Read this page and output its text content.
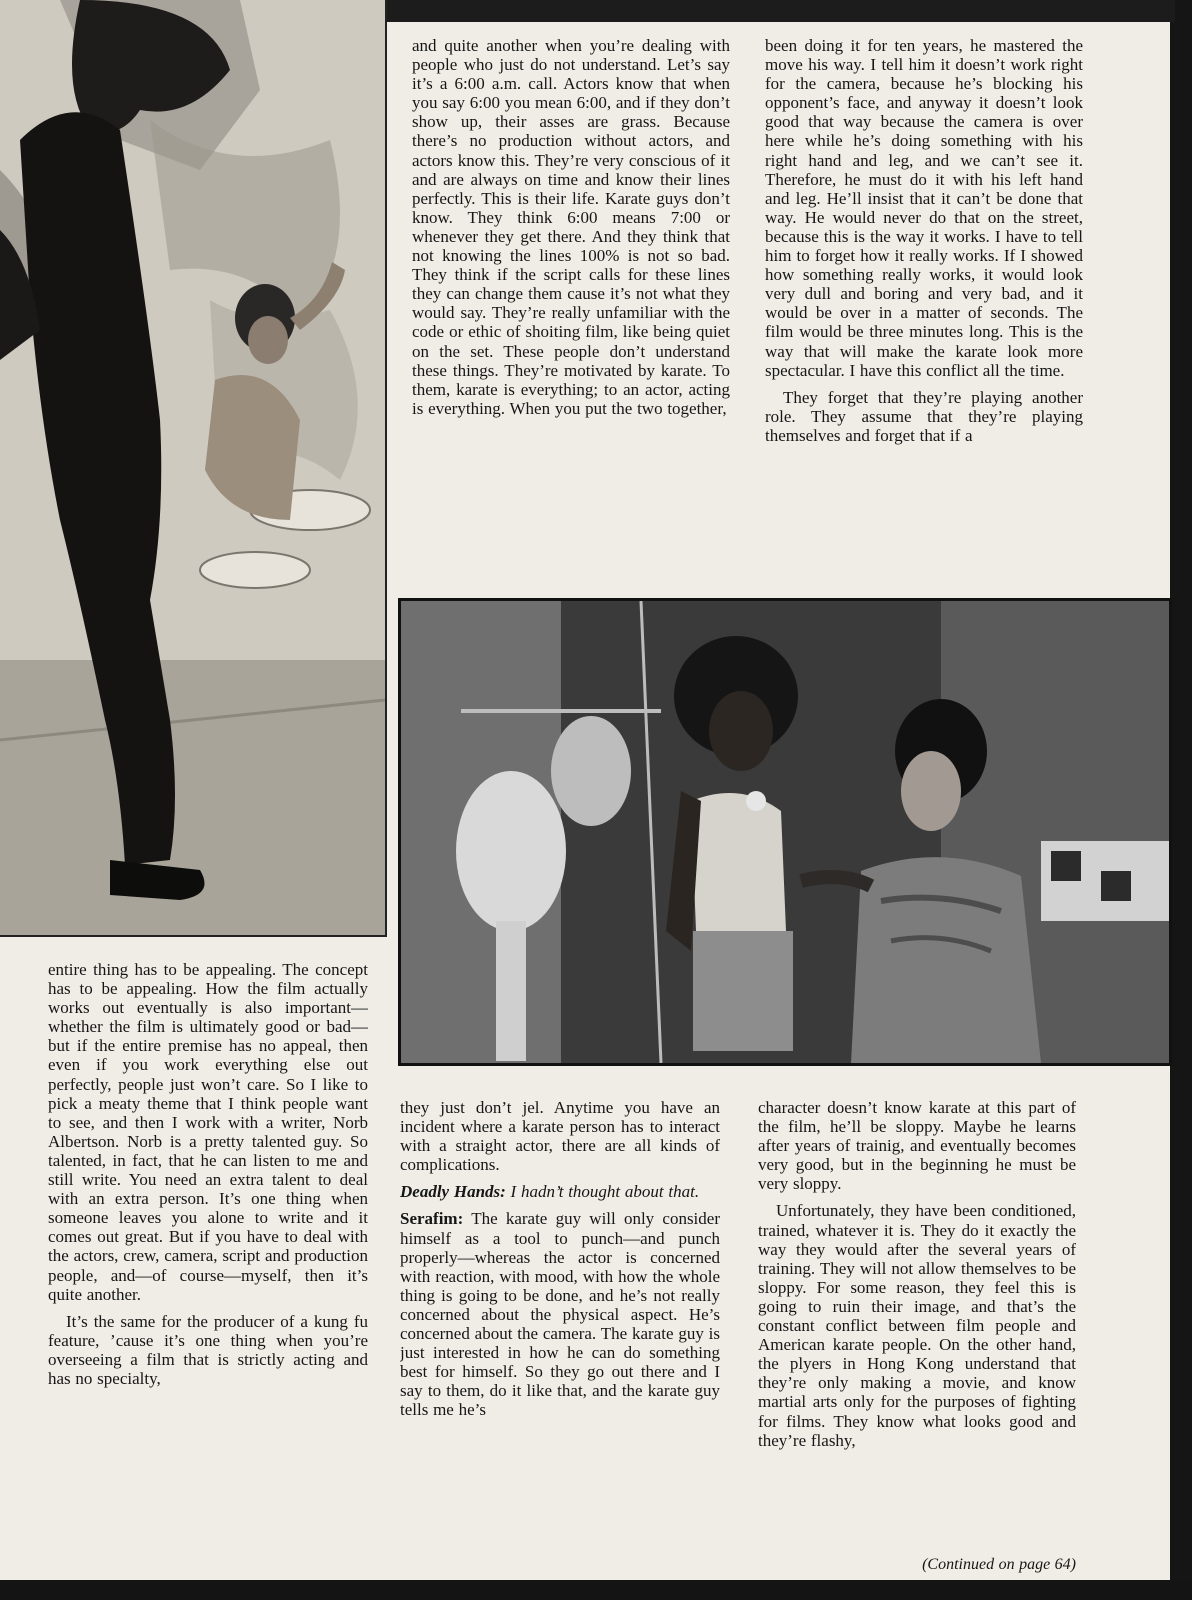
and quite another when you’re dealing with people who just do not understand. Let’s say it’s a 6:00 a.m. call. Actors know that when you say 6:00 you mean 6:00, and if they don’t show up, their asses are grass. Because there’s no production without actors, and actors know this. They’re very conscious of it and are always on time and know their lines perfectly. This is their life. Karate guys don’t know. They think 6:00 means 7:00 or whenever they get there. And they think that not knowing the lines 100% is not so bad. They think if the script calls for these lines they can change them cause it’s not what they would say. They’re really unfamiliar with the code or ethic of shoiting film, like being quiet on the set. These people don’t understand these things. They’re motivated by karate. To them, karate is everything; to an actor, acting is everything. When you put the two together,

been doing it for ten years, he mastered the move his way. I tell him it doesn’t work right for the camera, because he’s blocking his opponent’s face, and anyway it doesn’t look good that way because the camera is over here while he’s doing something with his right hand and leg, and we can’t see it. Therefore, he must do it with his left hand and leg. He’ll insist that it can’t be done that way. He would never do that on the street, because this is the way it works. I have to tell him to forget how it really works. If I showed how something really works, it would look very dull and boring and very bad, and it would be over in a matter of seconds. The film would be three minutes long. This is the way that will make the karate look more spectacular. I have this conflict all the time.

They forget that they’re playing another role. They assume that they’re playing themselves and forget that if a

entire thing has to be appealing. The concept has to be appealing. How the film actually works out eventually is also important—whether the film is ultimately good or bad—but if the entire premise has no appeal, then even if you work everything else out perfectly, people just won’t care. So I like to pick a meaty theme that I think people want to see, and then I work with a writer, Norb Albertson. Norb is a pretty talented guy. So talented, in fact, that he can listen to me and still write. You need an extra talent to deal with an extra person. It’s one thing when someone leaves you alone to write and it comes out great. But if you have to deal with the actors, crew, camera, script and production people, and—of course—myself, then it’s quite another.

It’s the same for the producer of a kung fu feature, ’cause it’s one thing when you’re overseeing a film that is strictly acting and has no specialty,

they just don’t jel. Anytime you have an incident where a karate person has to interact with a straight actor, there are all kinds of complications.

Deadly Hands: I hadn’t thought about that.

Serafim: The karate guy will only consider himself as a tool to punch—and punch properly—whereas the actor is concerned with reaction, with mood, with how the whole thing is going to be done, and he’s not really concerned about the physical aspect. He’s concerned about the camera. The karate guy is just interested in how he can do something best for himself. So they go out there and I say to them, do it like that, and the karate guy tells me he’s

character doesn’t know karate at this part of the film, he’ll be sloppy. Maybe he learns after years of trainig, and eventually becomes very good, but in the beginning he must be very sloppy.

Unfortunately, they have been conditioned, trained, whatever it is. They do it exactly the way they would after the several years of training. They will not allow themselves to be sloppy. For some reason, they feel this is going to ruin their image, and that’s the constant conflict between film people and American karate people. On the other hand, the plyers in Hong Kong understand that they’re only making a movie, and know martial arts only for the purposes of fighting for films. They know what looks good and they’re flashy,

(Continued on page 64)
